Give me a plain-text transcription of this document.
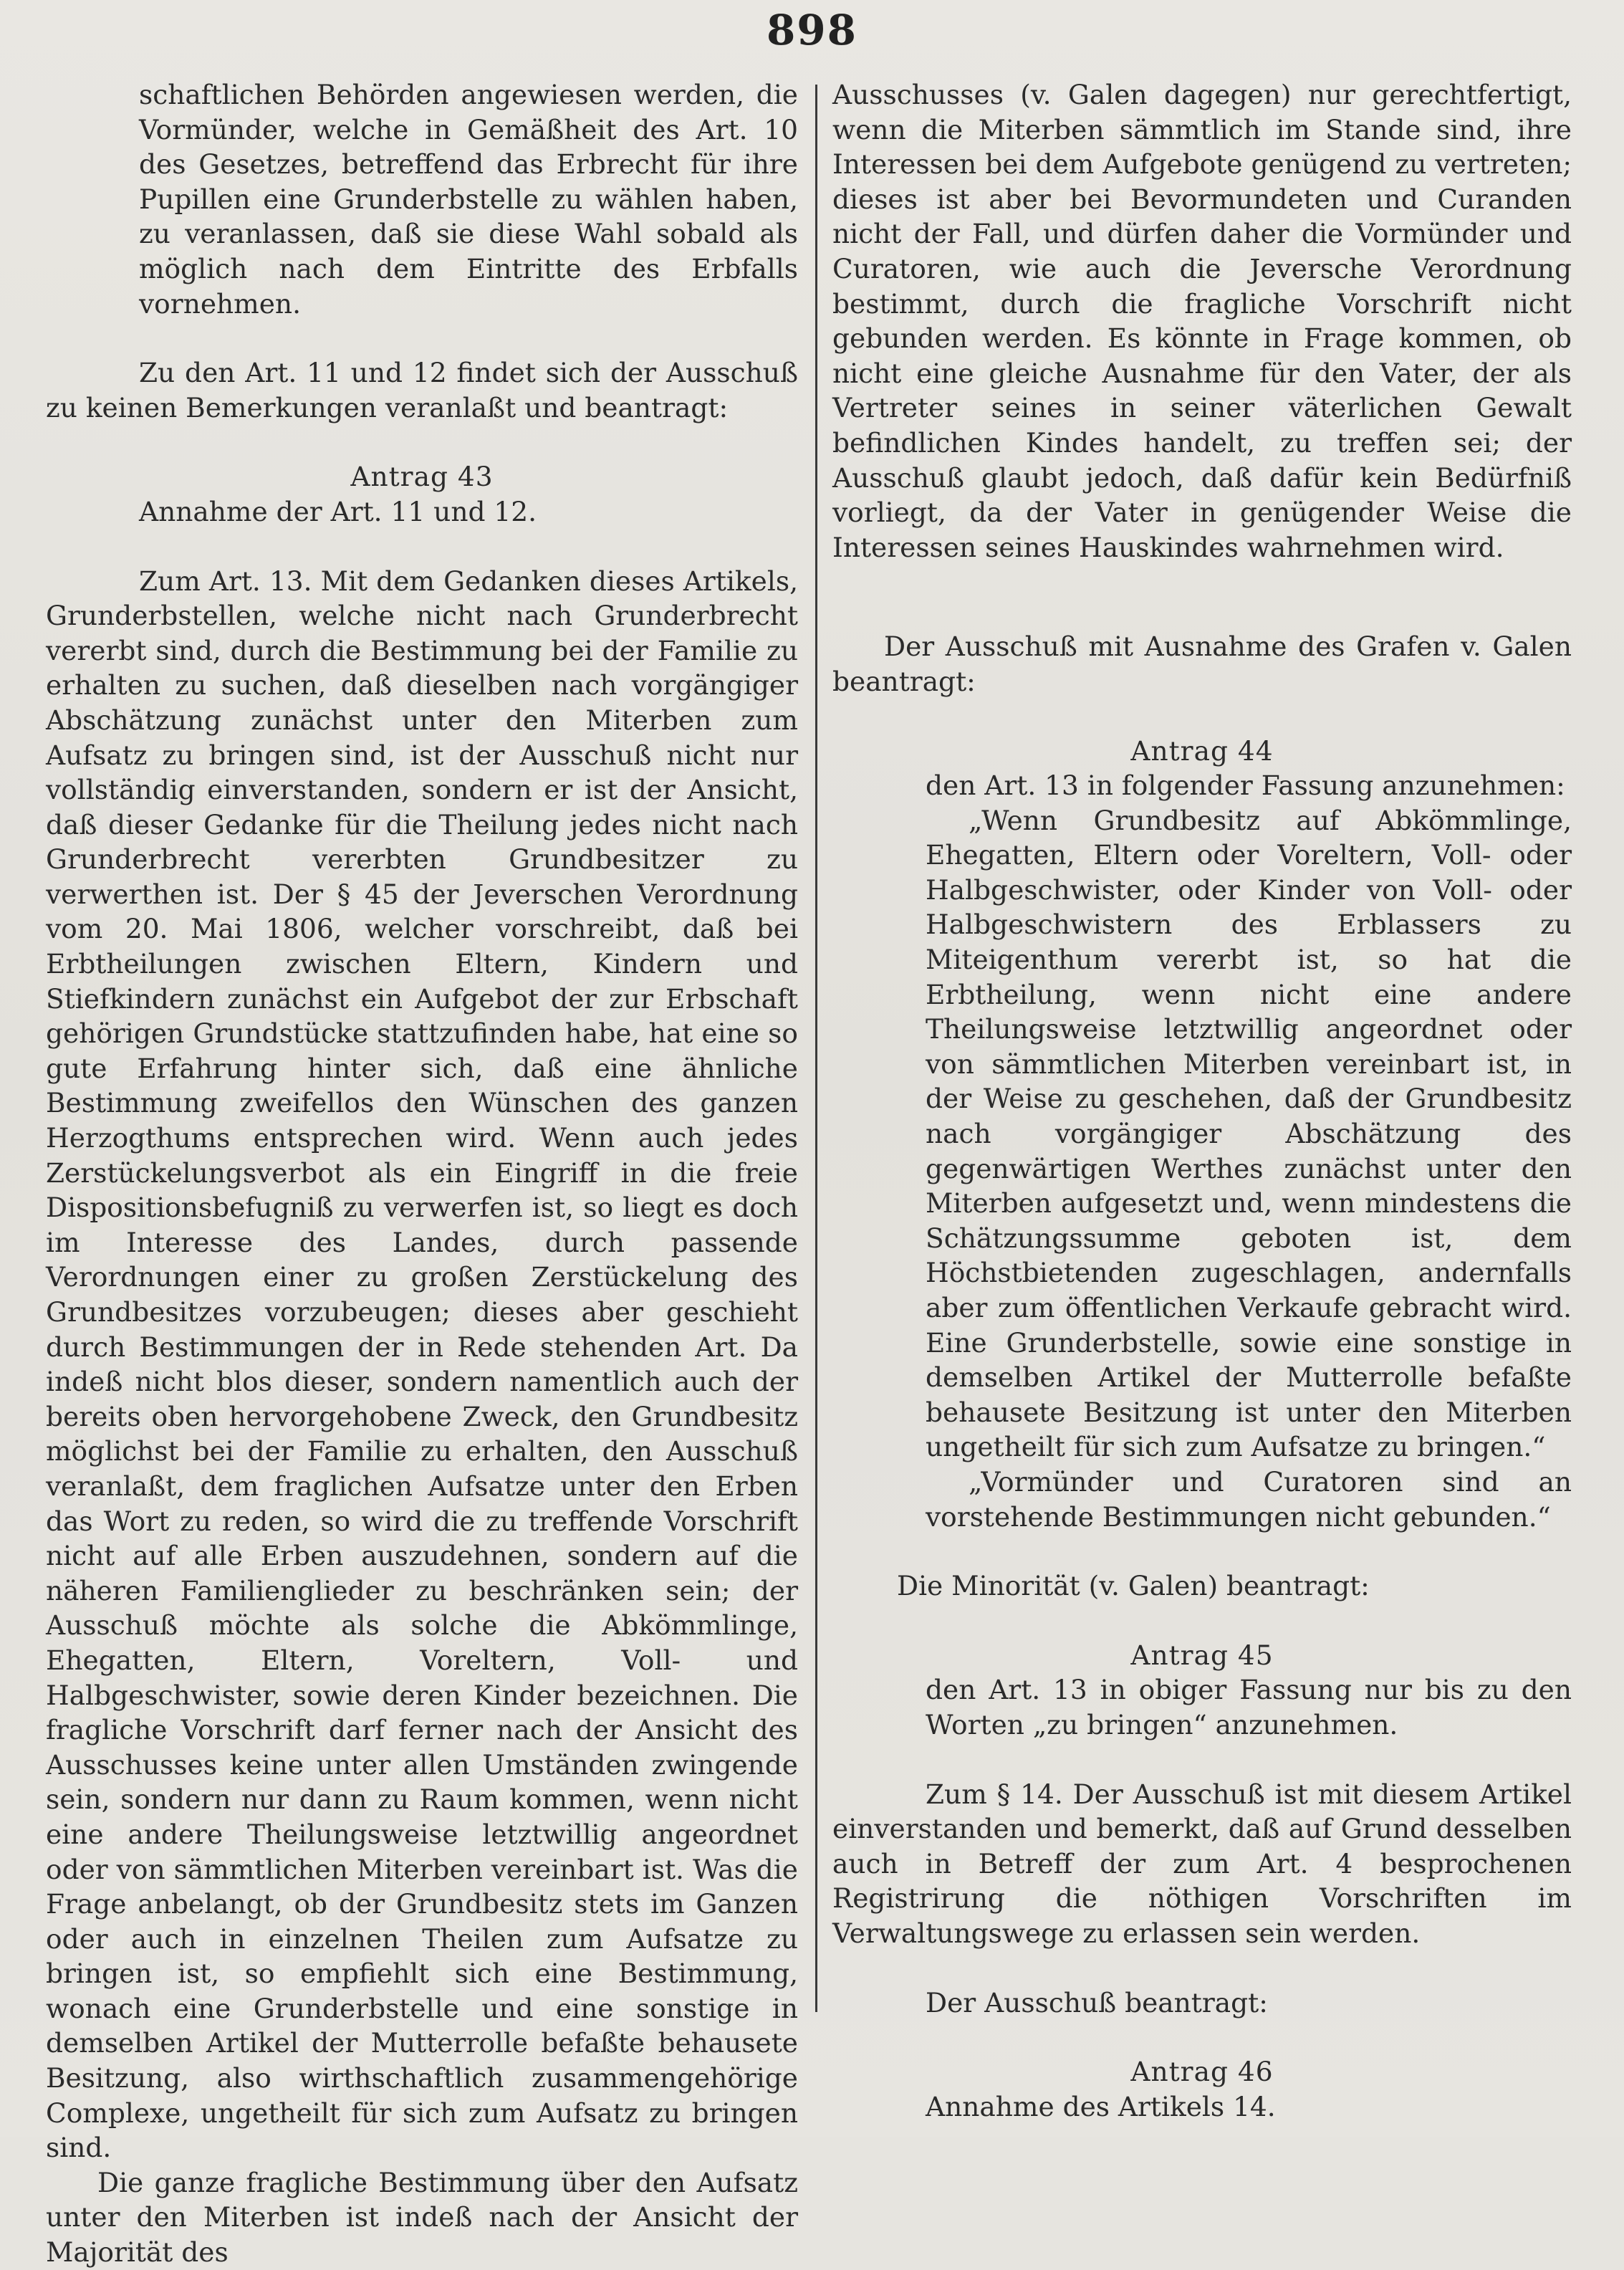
898

schaftlichen Behörden angewiesen werden, die Vormünder, welche in Gemäßheit des Art. 10 des Gesetzes, betreffend das Erbrecht für ihre Pupillen eine Grunderbstelle zu wählen haben, zu veranlassen, daß sie diese Wahl sobald als möglich nach dem Eintritte des Erbfalls vornehmen.

Zu den Art. 11 und 12 findet sich der Ausschuß zu keinen Bemerkungen veranlaßt und beantragt:

Antrag 43

Annahme der Art. 11 und 12.

Zum Art. 13. Mit dem Gedanken dieses Artikels, Grunderbstellen, welche nicht nach Grunderbrecht vererbt sind, durch die Bestimmung bei der Familie zu erhalten zu suchen, daß dieselben nach vorgängiger Abschätzung zunächst unter den Miterben zum Aufsatz zu bringen sind, ist der Ausschuß nicht nur vollständig einverstanden, sondern er ist der Ansicht, daß dieser Gedanke für die Theilung jedes nicht nach Grunderbrecht vererbten Grundbesitzer zu verwerthen ist. Der § 45 der Jeverschen Verordnung vom 20. Mai 1806, welcher vorschreibt, daß bei Erbtheilungen zwischen Eltern, Kindern und Stiefkindern zunächst ein Aufgebot der zur Erbschaft gehörigen Grundstücke stattzufinden habe, hat eine so gute Erfahrung hinter sich, daß eine ähnliche Bestimmung zweifellos den Wünschen des ganzen Herzogthums entsprechen wird. Wenn auch jedes Zerstückelungsverbot als ein Eingriff in die freie Dispositionsbefugniß zu verwerfen ist, so liegt es doch im Interesse des Landes, durch passende Verordnungen einer zu großen Zerstückelung des Grundbesitzes vorzubeugen; dieses aber geschieht durch Bestimmungen der in Rede stehenden Art. Da indeß nicht blos dieser, sondern namentlich auch der bereits oben hervorgehobene Zweck, den Grundbesitz möglichst bei der Familie zu erhalten, den Ausschuß veranlaßt, dem fraglichen Aufsatze unter den Erben das Wort zu reden, so wird die zu treffende Vorschrift nicht auf alle Erben auszudehnen, sondern auf die näheren Familienglieder zu beschränken sein; der Ausschuß möchte als solche die Abkömmlinge, Ehegatten, Eltern, Voreltern, Voll- und Halbgeschwister, sowie deren Kinder bezeichnen. Die fragliche Vorschrift darf ferner nach der Ansicht des Ausschusses keine unter allen Umständen zwingende sein, sondern nur dann zu Raum kommen, wenn nicht eine andere Theilungsweise letztwillig angeordnet oder von sämmtlichen Miterben vereinbart ist. Was die Frage anbelangt, ob der Grundbesitz stets im Ganzen oder auch in einzelnen Theilen zum Aufsatze zu bringen ist, so empfiehlt sich eine Bestimmung, wonach eine Grunderbstelle und eine sonstige in demselben Artikel der Mutterrolle befaßte behausete Besitzung, also wirthschaftlich zusammengehörige Complexe, ungetheilt für sich zum Aufsatz zu bringen sind.

Die ganze fragliche Bestimmung über den Aufsatz unter den Miterben ist indeß nach der Ansicht der Majorität des

Ausschusses (v. Galen dagegen) nur gerechtfertigt, wenn die Miterben sämmtlich im Stande sind, ihre Interessen bei dem Aufgebote genügend zu vertreten; dieses ist aber bei Bevormundeten und Curanden nicht der Fall, und dürfen daher die Vormünder und Curatoren, wie auch die Jeversche Verordnung bestimmt, durch die fragliche Vorschrift nicht gebunden werden. Es könnte in Frage kommen, ob nicht eine gleiche Ausnahme für den Vater, der als Vertreter seines in seiner väterlichen Gewalt befindlichen Kindes handelt, zu treffen sei; der Ausschuß glaubt jedoch, daß dafür kein Bedürfniß vorliegt, da der Vater in genügender Weise die Interessen seines Hauskindes wahrnehmen wird.

Der Ausschuß mit Ausnahme des Grafen v. Galen beantragt:

Antrag 44

den Art. 13 in folgender Fassung anzunehmen:

„Wenn Grundbesitz auf Abkömmlinge, Ehegatten, Eltern oder Voreltern, Voll- oder Halbgeschwister, oder Kinder von Voll- oder Halbgeschwistern des Erblassers zu Miteigenthum vererbt ist, so hat die Erbtheilung, wenn nicht eine andere Theilungsweise letztwillig angeordnet oder von sämmtlichen Miterben vereinbart ist, in der Weise zu geschehen, daß der Grundbesitz nach vorgängiger Abschätzung des gegenwärtigen Werthes zunächst unter den Miterben aufgesetzt und, wenn mindestens die Schätzungssumme geboten ist, dem Höchstbietenden zugeschlagen, andernfalls aber zum öffentlichen Verkaufe gebracht wird. Eine Grunderbstelle, sowie eine sonstige in demselben Artikel der Mutterrolle befaßte behausete Besitzung ist unter den Miterben ungetheilt für sich zum Aufsatze zu bringen.“

„Vormünder und Curatoren sind an vorstehende Bestimmungen nicht gebunden.“

Die Minorität (v. Galen) beantragt:

Antrag 45

den Art. 13 in obiger Fassung nur bis zu den Worten „zu bringen“ anzunehmen.

Zum § 14. Der Ausschuß ist mit diesem Artikel einverstanden und bemerkt, daß auf Grund desselben auch in Betreff der zum Art. 4 besprochenen Registrirung die nöthigen Vorschriften im Verwaltungswege zu erlassen sein werden.

Der Ausschuß beantragt:

Antrag 46

Annahme des Artikels 14.
